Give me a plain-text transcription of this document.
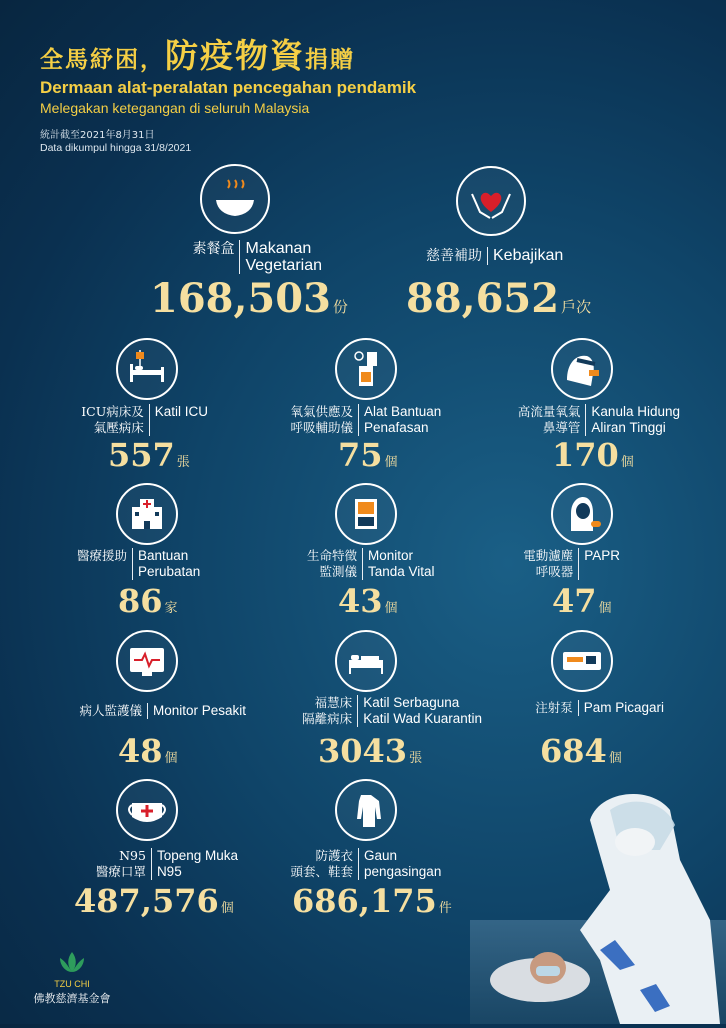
全馬紓困，防疫物資捐贈
Dermaan alat-peralatan pencegahan pendamik
Melegakan ketegangan di seluruh Malaysia
統計截至2021年8月31日
Data dikumpul hingga 31/8/2021
素餐盒 Makanan
Vegetarian
168,503 份
慈善補助 Kebajikan
88,652 戶次
ICU病床及
氣壓病床
Katil ICU
557 張
氧氣供應及
呼吸輔助儀
Alat Bantuan
Penafasan
75 個
高流量氧氣
鼻導管
Kanula Hidung
Aliran Tinggi
170 個
醫療援助 Bantuan
Perubatan
86 家
生命特徵
監測儀
Monitor
Tanda Vital
43 個
電動濾塵
呼吸器
PAPR
47 個
病人監護儀 Monitor Pesakit
48 個
福慧床
隔離病床
Katil Serbaguna
Katil Wad Kuarantin
3043 張
注射泵 Pam Picagari
684 個
N95
醫療口罩
Topeng Muka
N95
487,576 個
防護衣
頭套、鞋套
Gaun
pengasingan
686,175 件
TZU CHI
佛教慈濟基金會
